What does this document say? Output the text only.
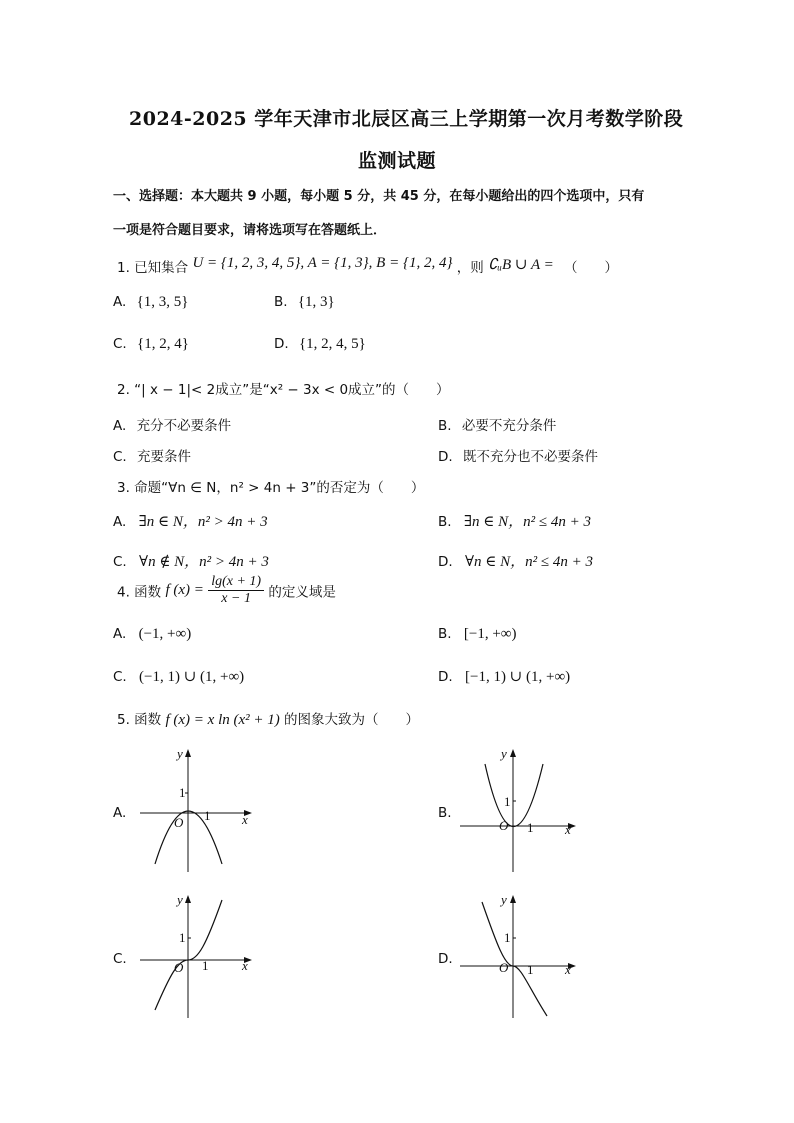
2024-2025 学年天津市北辰区高三上学期第一次月考数学阶段
监测试题
一、选择题：本大题共 9 小题，每小题 5 分，共 45 分，在每小题给出的四个选项中，只有
一项是符合题目要求，请将选项写在答题纸上．
1. 已知集合 U = {1, 2, 3, 4, 5}, A = {1, 3}, B = {1, 2, 4} ，则 ∁ᵤB ∪ A = （　　）
A. {1, 3, 5}	B. {1, 3}
C. {1, 2, 4}	D. {1, 2, 4, 5}
2. “| x − 1|< 2成立”是“x² − 3x < 0成立”的（　　）
A. 充分不必要条件	B. 必要不充分条件
C. 充要条件	D. 既不充分也不必要条件
3. 命题“∀n ∈ N，n² > 4n + 3”的否定为（　　）
A. ∃n ∈ N，n² > 4n + 3	B. ∃n ∈ N，n² ≤ 4n + 3
C. ∀n ∉ N，n² > 4n + 3	D. ∀n ∈ N，n² ≤ 4n + 3
4. 函数 f $(x) = \frac{\lg(x + 1)}{x - 1}$ 的定义域是
A. (−1, +∞)	B. [−1, +∞)
C. (−1, 1) ∪ (1, +∞)	D. [−1, 1) ∪ (1, +∞)
5. 函数 f (x) = x ln (x² + 1) 的图象大致为（　　）
A.	B.
C.	D.
y
x
O
1
1
y
x
O
1
1
y
x
O
1
1
y
x
O
1
1
